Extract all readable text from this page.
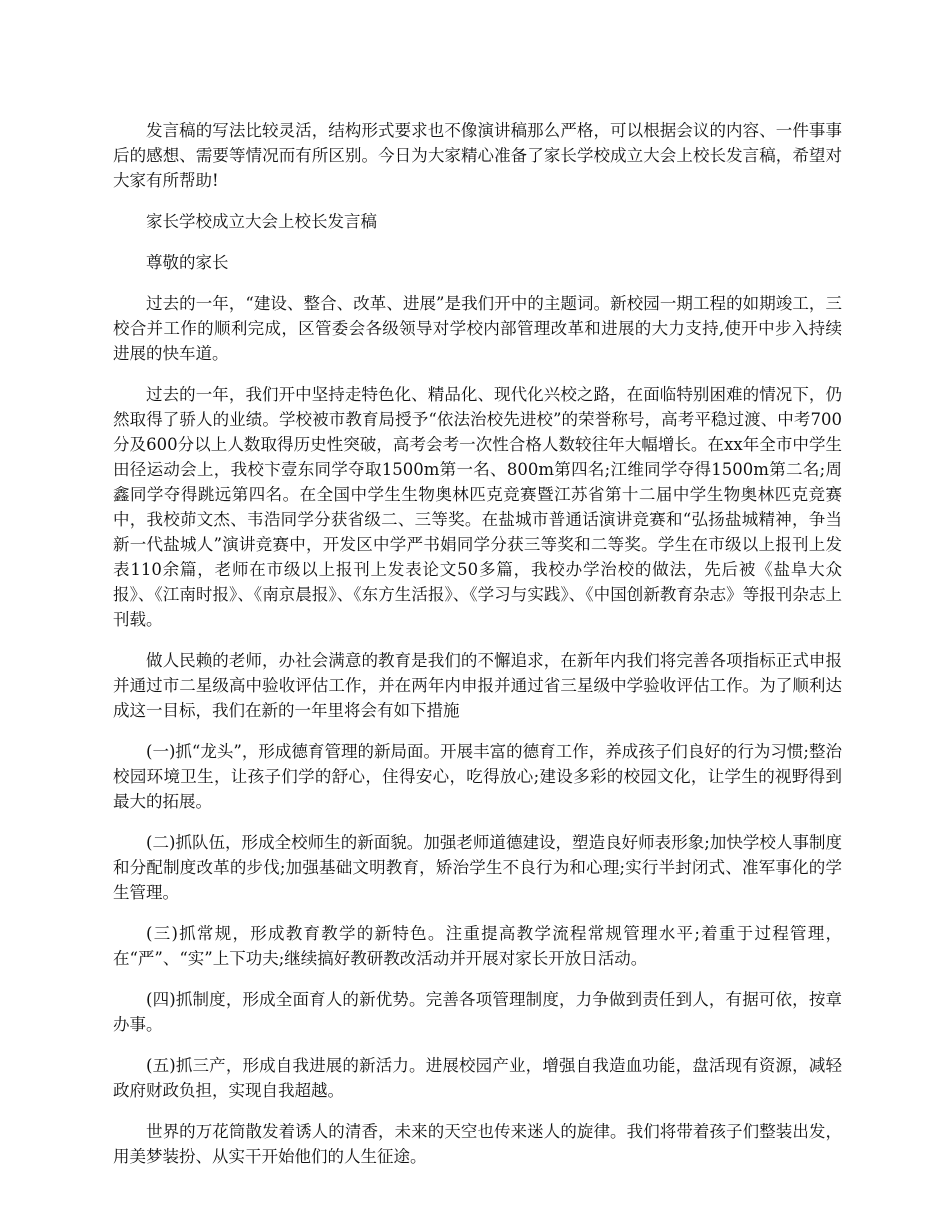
发言稿的写法比较灵活，结构形式要求也不像演讲稿那么严格，可以根据会议的内容、一件事事后的感想、需要等情况而有所区别。今日为大家精心准备了家长学校成立大会上校长发言稿，希望对大家有所帮助!

家长学校成立大会上校长发言稿

尊敬的家长

过去的一年，“建设、整合、改革、进展”是我们开中的主题词。新校园一期工程的如期竣工，三校合并工作的顺利完成，区管委会各级领导对学校内部管理改革和进展的大力支持,使开中步入持续进展的快车道。

过去的一年，我们开中坚持走特色化、精品化、现代化兴校之路，在面临特别困难的情况下，仍然取得了骄人的业绩。学校被市教育局授予“依法治校先进校”的荣誉称号，高考平稳过渡、中考700分及600分以上人数取得历史性突破，高考会考一次性合格人数较往年大幅增长。在xx年全市中学生田径运动会上，我校卞壹东同学夺取1500m第一名、800m第四名;江维同学夺得1500m第二名;周鑫同学夺得跳远第四名。在全国中学生生物奥林匹克竞赛暨江苏省第十二届中学生物奥林匹克竞赛中，我校茆文杰、韦浩同学分获省级二、三等奖。在盐城市普通话演讲竞赛和“弘扬盐城精神，争当新一代盐城人”演讲竞赛中，开发区中学严书娟同学分获三等奖和二等奖。学生在市级以上报刊上发表110余篇，老师在市级以上报刊上发表论文50多篇，我校办学治校的做法，先后被《盐阜大众报》、《江南时报》、《南京晨报》、《东方生活报》、《学习与实践》、《中国创新教育杂志》等报刊杂志上刊载。

做人民赖的老师，办社会满意的教育是我们的不懈追求，在新年内我们将完善各项指标正式申报并通过市二星级高中验收评估工作，并在两年内申报并通过省三星级中学验收评估工作。为了顺利达成这一目标，我们在新的一年里将会有如下措施

(一)抓“龙头”，形成德育管理的新局面。开展丰富的德育工作，养成孩子们良好的行为习惯;整治校园环境卫生，让孩子们学的舒心，住得安心，吃得放心;建设多彩的校园文化，让学生的视野得到最大的拓展。

(二)抓队伍，形成全校师生的新面貌。加强老师道德建设，塑造良好师表形象;加快学校人事制度和分配制度改革的步伐;加强基础文明教育，矫治学生不良行为和心理;实行半封闭式、准军事化的学生管理。

(三)抓常规，形成教育教学的新特色。注重提高教学流程常规管理水平;着重于过程管理，在“严”、“实”上下功夫;继续搞好教研教改活动并开展对家长开放日活动。

(四)抓制度，形成全面育人的新优势。完善各项管理制度，力争做到责任到人，有据可依，按章办事。

(五)抓三产，形成自我进展的新活力。进展校园产业，增强自我造血功能，盘活现有资源，减轻政府财政负担，实现自我超越。

世界的万花筒散发着诱人的清香，未来的天空也传来迷人的旋律。我们将带着孩子们整装出发，用美梦装扮、从实干开始他们的人生征途。
